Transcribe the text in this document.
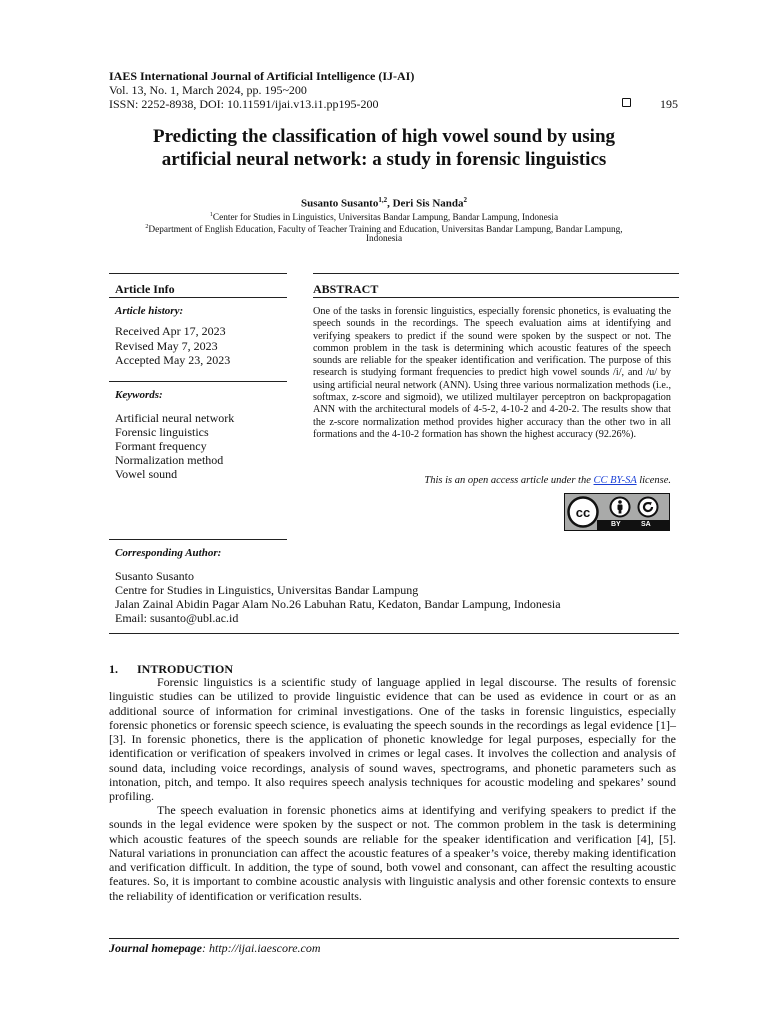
IAES International Journal of Artificial Intelligence (IJ-AI)
Vol. 13, No. 1, March 2024, pp. 195~200
ISSN: 2252-8938, DOI: 10.11591/ijai.v13.i1.pp195-200	195
Predicting the classification of high vowel sound by using
artificial neural network: a study in forensic linguistics
Susanto Susanto$^{1,2}$, Deri Sis Nanda$^2$
$^1$Center for Studies in Linguistics, Universitas Bandar Lampung, Bandar Lampung, Indonesia
$^2$Department of English Education, Faculty of Teacher Training and Education, Universitas Bandar Lampung, Bandar Lampung,
Indonesia
Article Info
Article history:
Received Apr 17, 2023
Revised May 7, 2023
Accepted May 23, 2023
Keywords:
Artificial neural network
Forensic linguistics
Formant frequency
Normalization method
Vowel sound
ABSTRACT
One of the tasks in forensic linguistics, especially forensic phonetics, is evaluating the speech sounds in the recordings. The speech evaluation aims at identifying and verifying speakers to predict if the sound were spoken by the suspect or not. The common problem in the task is determining which acoustic features of the speech sounds are reliable for the speaker identification and verification. The purpose of this research is studying formant frequencies to predict high vowel sounds /i/, and /u/ by using artificial neural network (ANN). Using three various normalization methods (i.e., softmax, z-score and sigmoid), we utilized multilayer perceptron on backpropagation ANN with the architectural models of 4-5-2, 4-10-2 and 4-20-2. The results show that the z-score normalization method provides higher accuracy than the other two in all formations and the 4-10-2 formation has shown the highest accuracy (92.26%).
This is an open access article under the CC BY-SA license.
cc
BY	SA
Corresponding Author:
Susanto Susanto
Centre for Studies in Linguistics, Universitas Bandar Lampung
Jalan Zainal Abidin Pagar Alam No.26 Labuhan Ratu, Kedaton, Bandar Lampung, Indonesia
Email: susanto@ubl.ac.id
1. INTRODUCTION
Forensic linguistics is a scientific study of language applied in legal discourse. The results of forensic linguistic studies can be utilized to provide linguistic evidence that can be used as evidence in court or as an additional source of information for criminal investigations. One of the tasks in forensic linguistics, especially forensic phonetics or forensic speech science, is evaluating the speech sounds in the recordings as legal evidence [1]–[3]. In forensic phonetics, there is the application of phonetic knowledge for legal purposes, especially for the identification or verification of speakers involved in crimes or legal cases. It involves the collection and analysis of sound data, including voice recordings, analysis of sound waves, spectrograms, and phonetic parameters such as intonation, pitch, and tempo. It also requires speech analysis techniques for acoustic modeling and spekares’ sound profiling.
The speech evaluation in forensic phonetics aims at identifying and verifying speakers to predict if the sounds in the legal evidence were spoken by the suspect or not. The common problem in the task is determining which acoustic features of the speech sounds are reliable for the speaker identification and verification [4], [5]. Natural variations in pronunciation can affect the acoustic features of a speaker’s voice, thereby making identification and verification difficult. In addition, the type of sound, both vowel and consonant, can affect the resulting acoustic features. So, it is important to combine acoustic analysis with linguistic analysis and other forensic contexts to ensure the reliability of identification or verification results.
Journal homepage: http://ijai.iaescore.com
